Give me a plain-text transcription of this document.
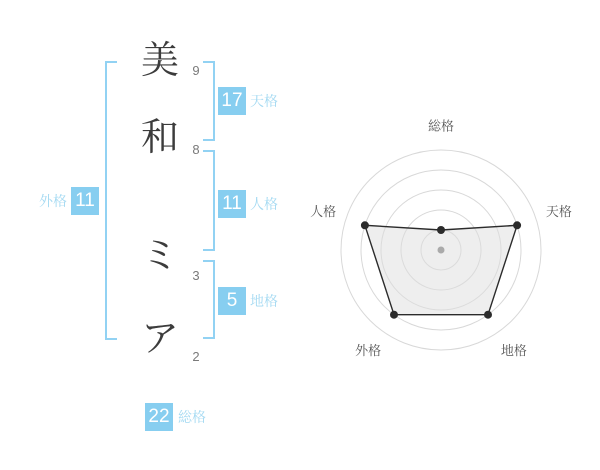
美
和
ミ
ア
9
8
3
2
17 天格
11 人格
5 地格
外格 11
22 総格
総格
天格
地格
外格
人格
